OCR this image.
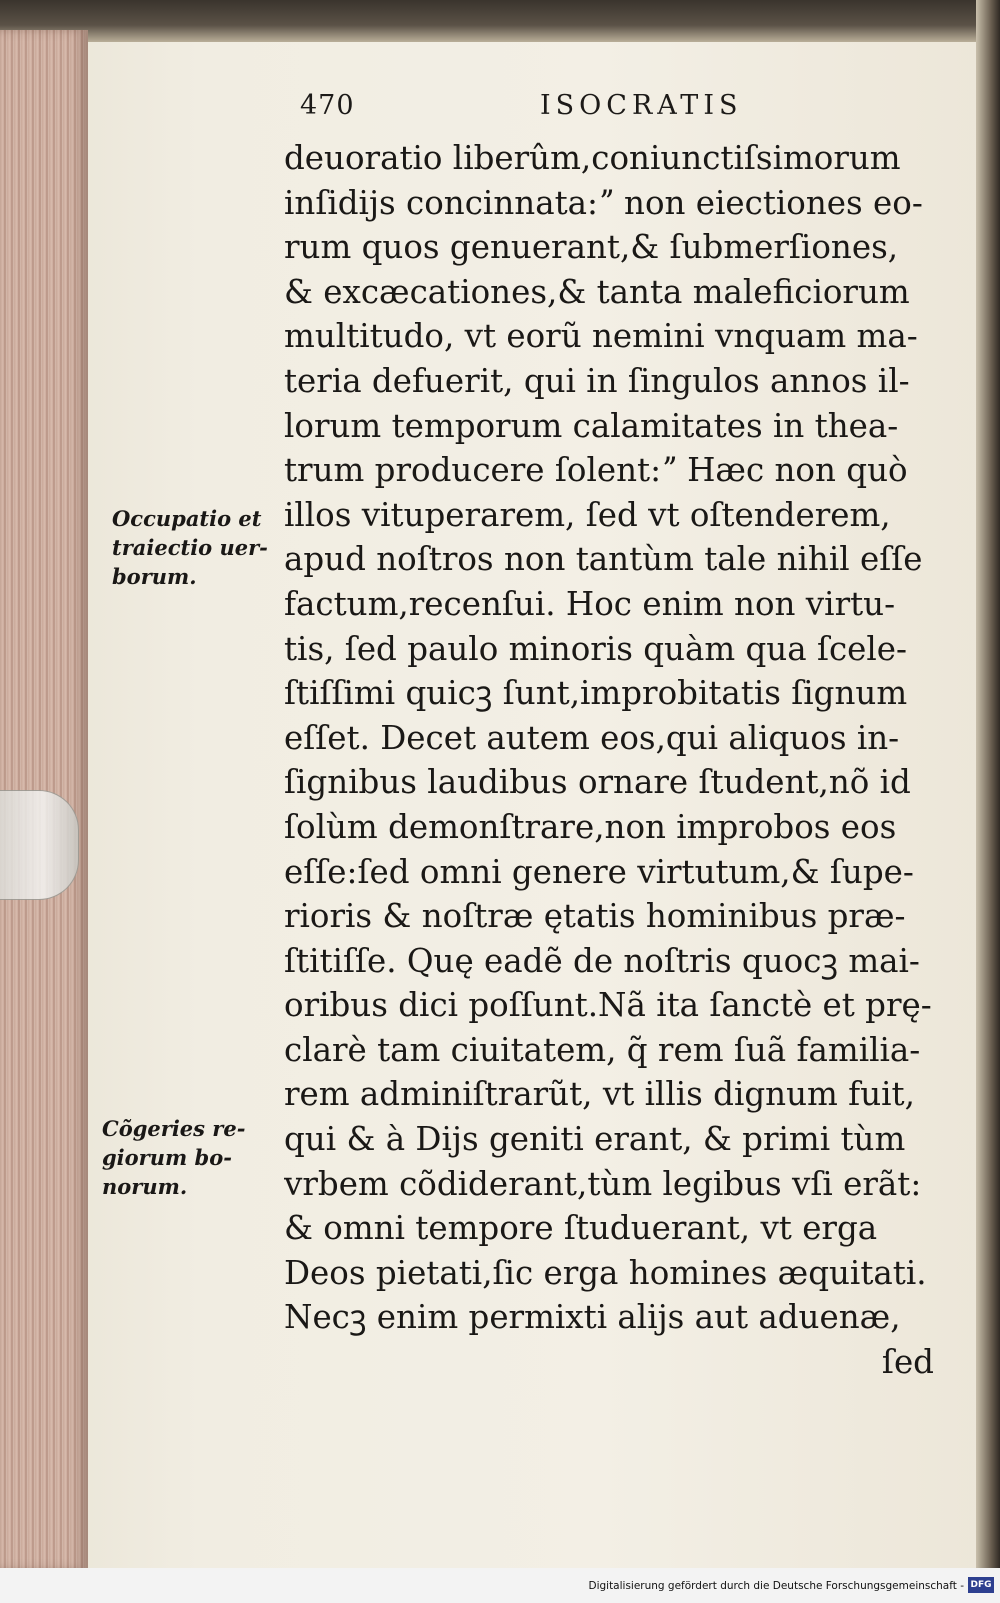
470	ISOCRATIS
deuoratio liberûm,coniunctiſsimorum
inſidijs concinnata:ˮ non eiectiones eo-
rum quos genuerant,& ſubmerſiones,
& excæcationes,& tanta maleficiorum
multitudo, vt eorũ nemini vnquam ma-
teria defuerit, qui in ſingulos annos il-
lorum temporum calamitates in thea-
trum producere ſolent:ˮ Hæc non quò
illos vituperarem, ſed vt oſtenderem,
apud noſtros non tantùm tale nihil eſſe
factum,recenſui. Hoc enim non virtu-
tis, ſed paulo minoris quàm qua ſcele-
ſtiſſimi quicꝫ ſunt,improbitatis ſignum
eſſet. Decet autem eos,qui aliquos in-
ſignibus laudibus ornare ſtudent,nõ id
ſolùm demonſtrare,non improbos eos
eſſe:ſed omni genere virtutum,& ſupe-
rioris & noſtræ ętatis hominibus præ-
ſtitiſſe. Quę eadẽ de noſtris quocꝫ mai-
oribus dici poſſunt.Nã ita ſanctè et prę-
clarè tam ciuitatem, q̃ rem ſuã familia-
rem adminiſtrarũt, vt illis dignum fuit,
qui & à Dijs geniti erant, & primi tùm
vrbem cõdiderant,tùm legibus vſi erãt:
& omni tempore ſtuduerant, vt erga
Deos pietati,ſic erga homines æquitati.
Necꝫ enim permixti alijs aut aduenæ,
ſed
Occupatio et
traiectio uer-
borum.
Cõgeries re-
giorum bo-
norum.
Digitalisierung gefördert durch die Deutsche Forschungsgemeinschaft - DFG
